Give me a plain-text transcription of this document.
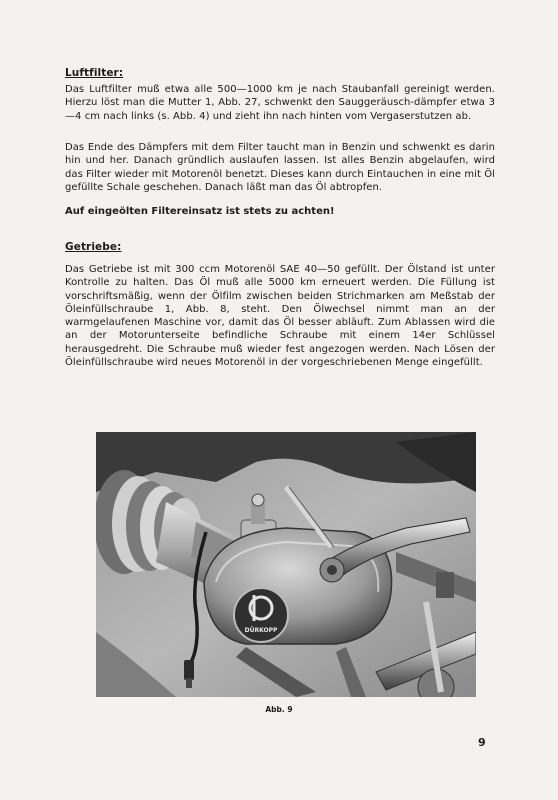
Luftfilter:
Das Luftfilter muß etwa alle 500—1000 km je nach Staubanfall gereinigt werden. Hierzu löst man die Mutter 1, Abb. 27, schwenkt den Sauggeräusch-dämpfer etwa 3—4 cm nach links (s. Abb. 4) und zieht ihn nach hinten vom Vergaserstutzen ab.
Das Ende des Dämpfers mit dem Filter taucht man in Benzin und schwenkt es darin hin und her. Danach gründlich auslaufen lassen. Ist alles Benzin abgelaufen, wird das Filter wieder mit Motorenöl benetzt. Dieses kann durch Eintauchen in eine mit Öl gefüllte Schale geschehen. Danach läßt man das Öl abtropfen.
Auf eingeölten Filtereinsatz ist stets zu achten!
Getriebe:
Das Getriebe ist mit 300 ccm Motorenöl SAE 40—50 gefüllt. Der Ölstand ist unter Kontrolle zu halten. Das Öl muß alle 5000 km erneuert werden. Die Füllung ist vorschriftsmäßig, wenn der Ölfilm zwischen beiden Strichmarken am Meßstab der Öleinfüllschraube 1, Abb. 8, steht. Den Ölwechsel nimmt man an der warmgelaufenen Maschine vor, damit das Öl besser abläuft. Zum Ablassen wird die an der Motorunterseite befindliche Schraube mit einem 14er Schlüssel herausgedreht. Die Schraube muß wieder fest angezogen werden. Nach Lösen der Öleinfüllschraube wird neues Motorenöl in der vorgeschriebenen Menge eingefüllt.
DÜRKOPP
Abb. 9
9
